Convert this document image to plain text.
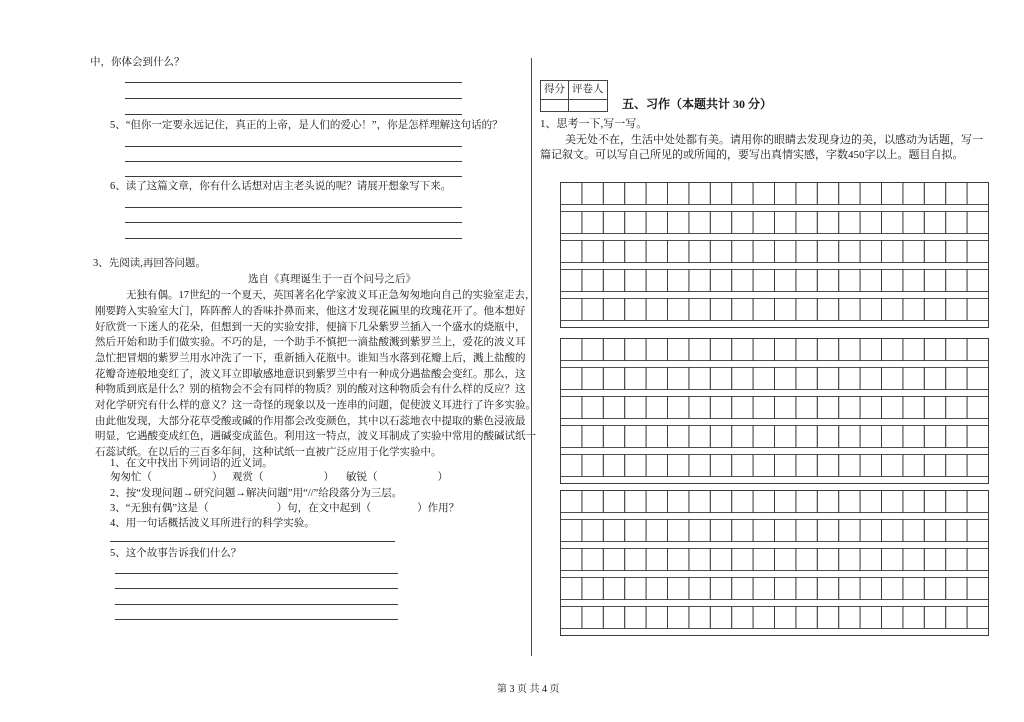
中，你体会到什么？
5、“但你一定要永远记住，真正的上帝，是人们的爱心！”，你是怎样理解这句话的？
6、读了这篇文章，你有什么话想对店主老头说的呢？请展开想象写下来。
3、先阅读,再回答问题。
选自《真理诞生于一百个问号之后》
无独有偶。17世纪的一个夏天，英国著名化学家波义耳正急匆匆地向自己的实验室走去，
刚要跨入实验室大门，阵阵醉人的香味扑鼻而来，他这才发现花匾里的玫瑰花开了。他本想好
好欣赏一下迷人的花朵，但想到一天的实验安排，便摘下几朵紫罗兰插入一个盛水的烧瓶中，
然后开始和助手们做实验。不巧的是，一个助手不慎把一滴盐酸溅到紫罗兰上，爱花的波义耳
急忙把冒烟的紫罗兰用水冲洗了一下，重新插入花瓶中。谁知当水落到花瓣上后，溅上盐酸的
花瓣奇迹般地变红了，波义耳立即敏感地意识到紫罗兰中有一种成分遇盐酸会变红。那么，这
种物质到底是什么？别的植物会不会有同样的物质？别的酸对这种物质会有什么样的反应？这
对化学研究有什么样的意义？这一奇怪的现象以及一连串的问题，促使波义耳进行了许多实验。
由此他发现，大部分花草受酸或碱的作用都会改变颜色，其中以石蕊地衣中提取的紫色浸液最
明显，它遇酸变成红色，遇碱变成蓝色。利用这一特点，波义耳制成了实验中常用的酸碱试纸一
石蕊试纸。在以后的三百多年间，这种试纸一直被广泛应用于化学实验中。
1、在文中找出下列词语的近义词。
匆匆忙（	） 观赏（	） 敏锐（	）
2、按“发现问题→研究问题→解决问题”用“//”给段落分为三层。
3、“无独有偶”这是（	）句，在文中起到（	）作用？
4、用一句话概括波义耳所进行的科学实验。
5、这个故事告诉我们什么？
得分	评卷人

五、习作（本题共计 30 分）
1、思考一下,写一写。
美无处不在，生活中处处都有美。请用你的眼睛去发现身边的美，以感动为话题，写一
篇记叙文。可以写自己所见的或所闻的，要写出真情实感，字数450字以上。题目自拟。
第 3 页 共 4 页
